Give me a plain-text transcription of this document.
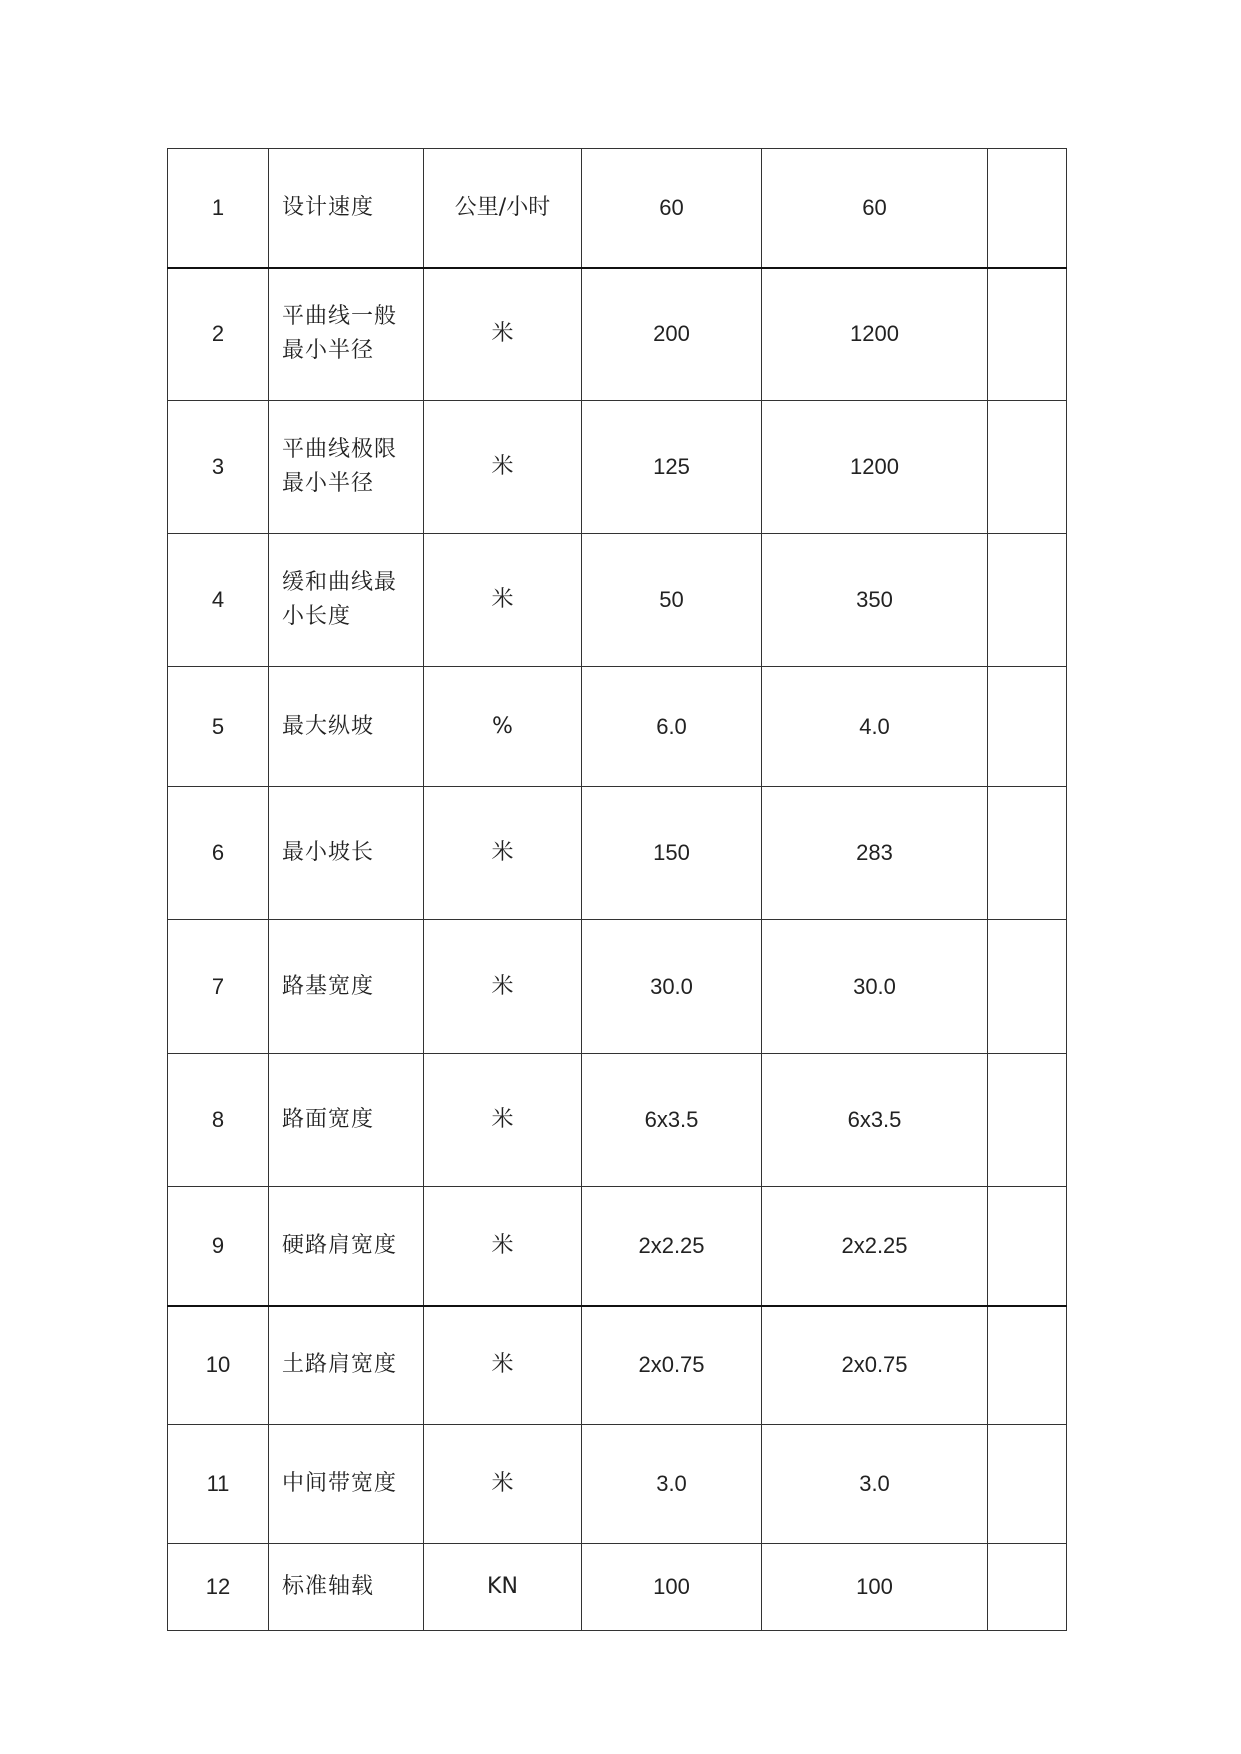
1	设计速度	公里/小时	60	60	
2	平曲线一般最小半径	米	200	1200	
3	平曲线极限最小半径	米	125	1200	
4	缓和曲线最小长度	米	50	350	
5	最大纵坡	%	6.0	4.0	
6	最小坡长	米	150	283	
7	路基宽度	米	30.0	30.0	
8	路面宽度	米	6x3.5	6x3.5	
9	硬路肩宽度	米	2x2.25	2x2.25	
10	土路肩宽度	米	2x0.75	2x0.75	
11	中间带宽度	米	3.0	3.0	
12	标准轴载	KN	100	100	
